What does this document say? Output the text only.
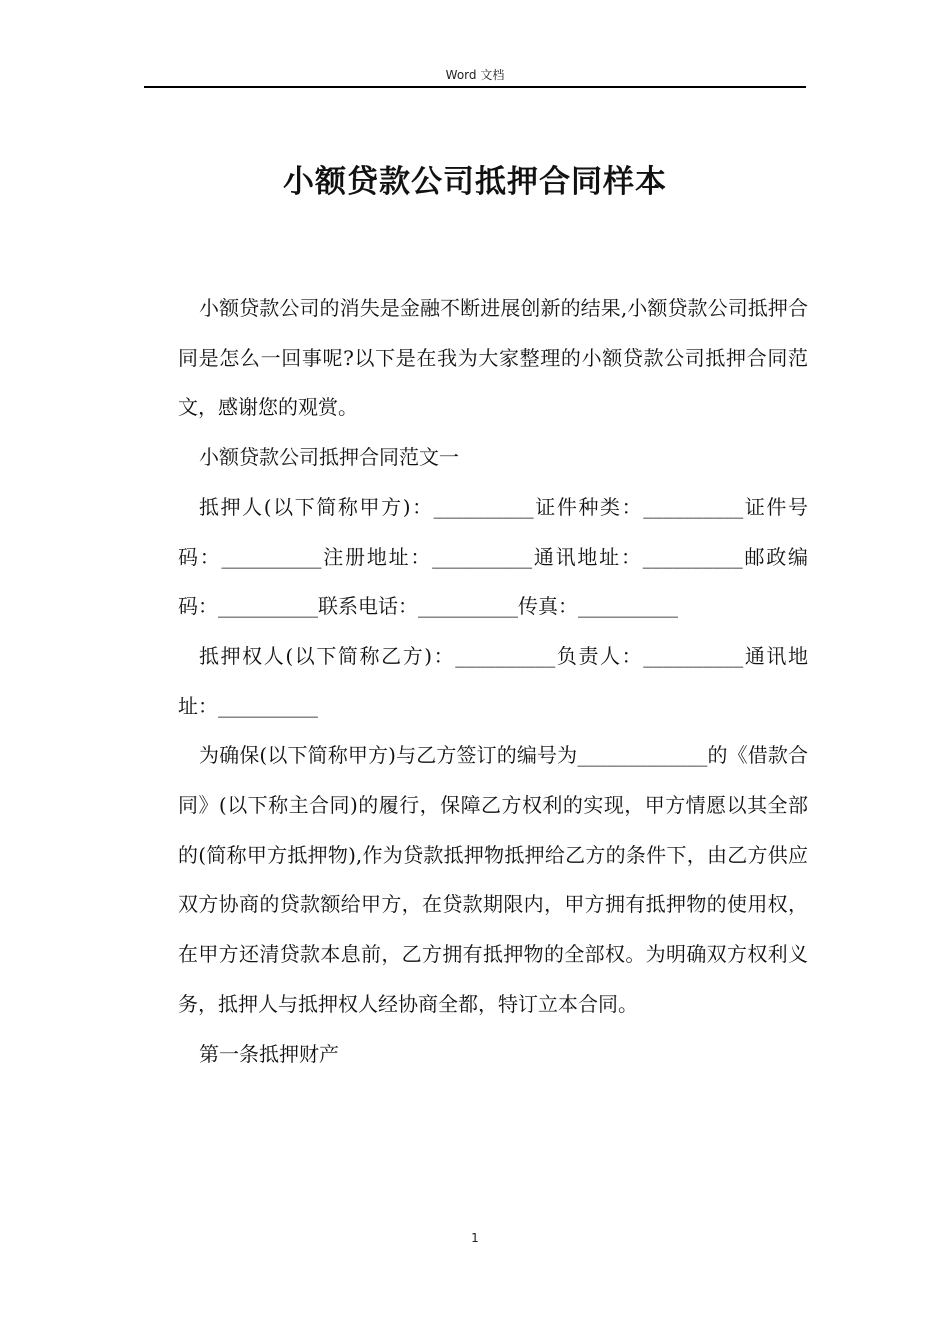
Word 文档
小额贷款公司抵押合同样本

小额贷款公司的消失是金融不断进展创新的结果,小额贷款公司抵押合同是怎么一回事呢?以下是在我为大家整理的小额贷款公司抵押合同范文，感谢您的观赏。

小额贷款公司抵押合同范文一

抵押人(以下简称甲方)：__________证件种类：__________证件号码：__________注册地址：__________通讯地址：__________邮政编码：__________联系电话：__________传真：__________

抵押权人(以下简称乙方)：__________负责人：__________通讯地址：__________

为确保(以下简称甲方)与乙方签订的编号为_____________的《借款合同》(以下称主合同)的履行，保障乙方权利的实现，甲方情愿以其全部的(简称甲方抵押物),作为贷款抵押物抵押给乙方的条件下，由乙方供应双方协商的贷款额给甲方，在贷款期限内，甲方拥有抵押物的使用权，在甲方还清贷款本息前，乙方拥有抵押物的全部权。为明确双方权利义务，抵押人与抵押权人经协商全都，特订立本合同。

第一条抵押财产

1
